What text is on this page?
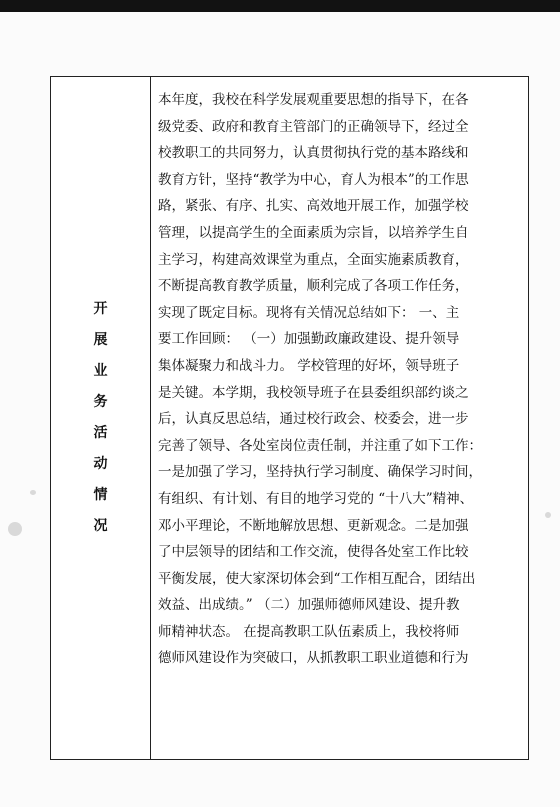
开
展
业
务
活
动
情
况
本年度，我校在科学发展观重要思想的指导下，在各
级党委、政府和教育主管部门的正确领导下，经过全
校教职工的共同努力，认真贯彻执行党的基本路线和
教育方针，坚持“教学为中心，育人为根本”的工作思
路，紧张、有序、扎实、高效地开展工作，加强学校
管理，以提高学生的全面素质为宗旨，以培养学生自
主学习，构建高效课堂为重点，全面实施素质教育，
不断提高教育教学质量，顺利完成了各项工作任务，
实现了既定目标。现将有关情况总结如下： 一、主
要工作回顾： （一）加强勤政廉政建设、提升领导
集体凝聚力和战斗力。 学校管理的好坏，领导班子
是关键。本学期，我校领导班子在县委组织部约谈之
后，认真反思总结，通过校行政会、校委会，进一步
完善了领导、各处室岗位责任制，并注重了如下工作：
一是加强了学习，坚持执行学习制度、确保学习时间，
有组织、有计划、有目的地学习党的 “十八大”精神、
邓小平理论，不断地解放思想、更新观念。二是加强
了中层领导的团结和工作交流，使得各处室工作比较
平衡发展，使大家深切体会到“工作相互配合，团结出
效益、出成绩。” （二）加强师德师风建设、提升教
师精神状态。 在提高教职工队伍素质上，我校将师
德师风建设作为突破口，从抓教职工职业道德和行为
